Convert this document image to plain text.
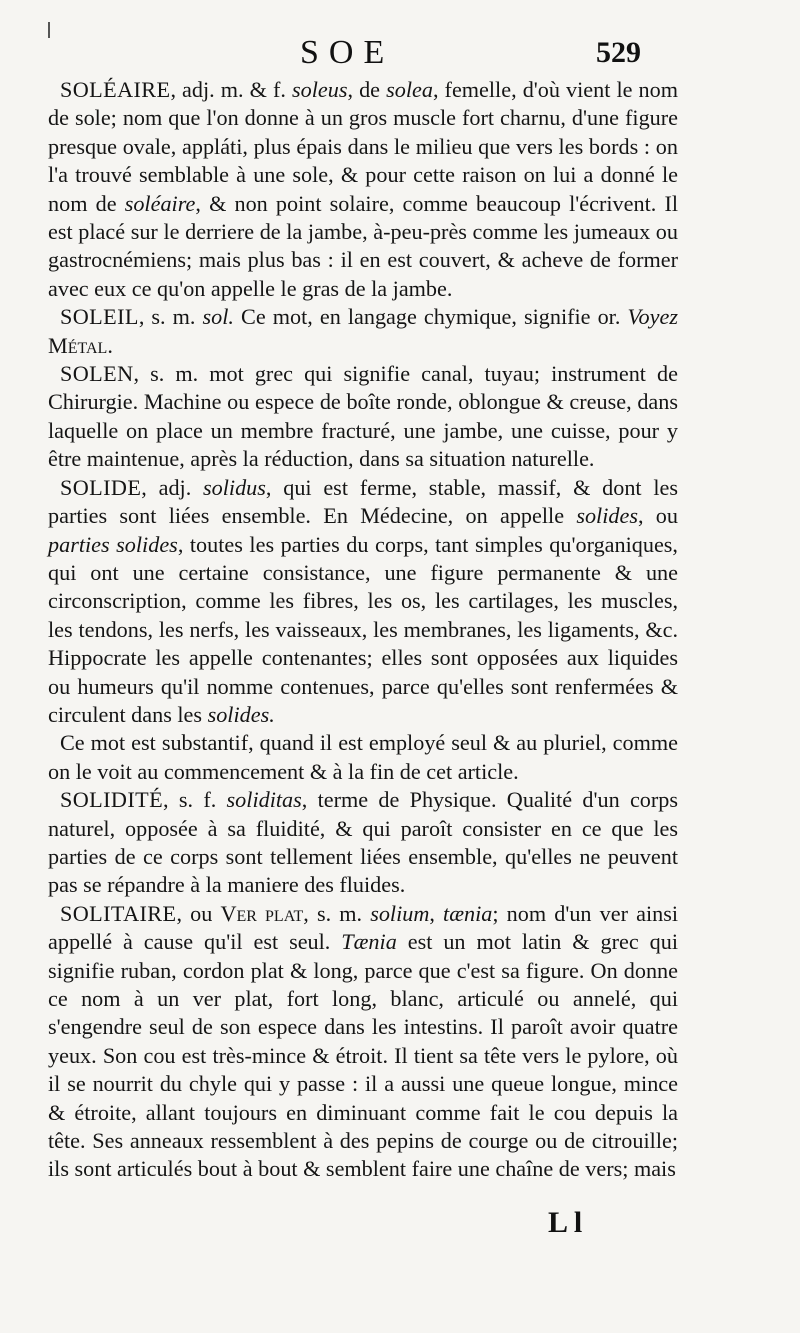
SOE	529

SOLÉAIRE, adj. m. & f. soleus, de solea, femelle, d'où vient le nom de sole; nom que l'on donne à un gros muscle fort charnu, d'une figure presque ovale, appláti, plus épais dans le milieu que vers les bords : on l'a trouvé semblable à une sole, & pour cette raison on lui a donné le nom de soléaire, & non point solaire, comme beaucoup l'écrivent. Il est placé sur le derriere de la jambe, à-peu-près comme les jumeaux ou gastrocnémiens; mais plus bas : il en est couvert, & acheve de former avec eux ce qu'on appelle le gras de la jambe.

SOLEIL, s. m. sol. Ce mot, en langage chymique, signifie or. Voyez Métal.

SOLEN, s. m. mot grec qui signifie canal, tuyau; instrument de Chirurgie. Machine ou espece de boîte ronde, oblongue & creuse, dans laquelle on place un membre fracturé, une jambe, une cuisse, pour y être maintenue, après la réduction, dans sa situation naturelle.

SOLIDE, adj. solidus, qui est ferme, stable, massif, & dont les parties sont liées ensemble. En Médecine, on appelle solides, ou parties solides, toutes les parties du corps, tant simples qu'organiques, qui ont une certaine consistance, une figure permanente & une circonscription, comme les fibres, les os, les cartilages, les muscles, les tendons, les nerfs, les vaisseaux, les membranes, les ligaments, &c. Hippocrate les appelle contenantes; elles sont opposées aux liquides ou humeurs qu'il nomme contenues, parce qu'elles sont renfermées & circulent dans les solides.

Ce mot est substantif, quand il est employé seul & au pluriel, comme on le voit au commencement & à la fin de cet article.

SOLIDITÉ, s. f. soliditas, terme de Physique. Qualité d'un corps naturel, opposée à sa fluidité, & qui paroît consister en ce que les parties de ce corps sont tellement liées ensemble, qu'elles ne peuvent pas se répandre à la maniere des fluides.

SOLITAIRE, ou Ver plat, s. m. solium, tænia; nom d'un ver ainsi appellé à cause qu'il est seul. Tænia est un mot latin & grec qui signifie ruban, cordon plat & long, parce que c'est sa figure. On donne ce nom à un ver plat, fort long, blanc, articulé ou annelé, qui s'engendre seul de son espece dans les intestins. Il paroît avoir quatre yeux. Son cou est très-mince & étroit. Il tient sa tête vers le pylore, où il se nourrit du chyle qui y passe : il a aussi une queue longue, mince & étroite, allant toujours en diminuant comme fait le cou depuis la tête. Ses anneaux ressemblent à des pepins de courge ou de citrouille; ils sont articulés bout à bout & semblent faire une chaîne de vers; mais

L l
